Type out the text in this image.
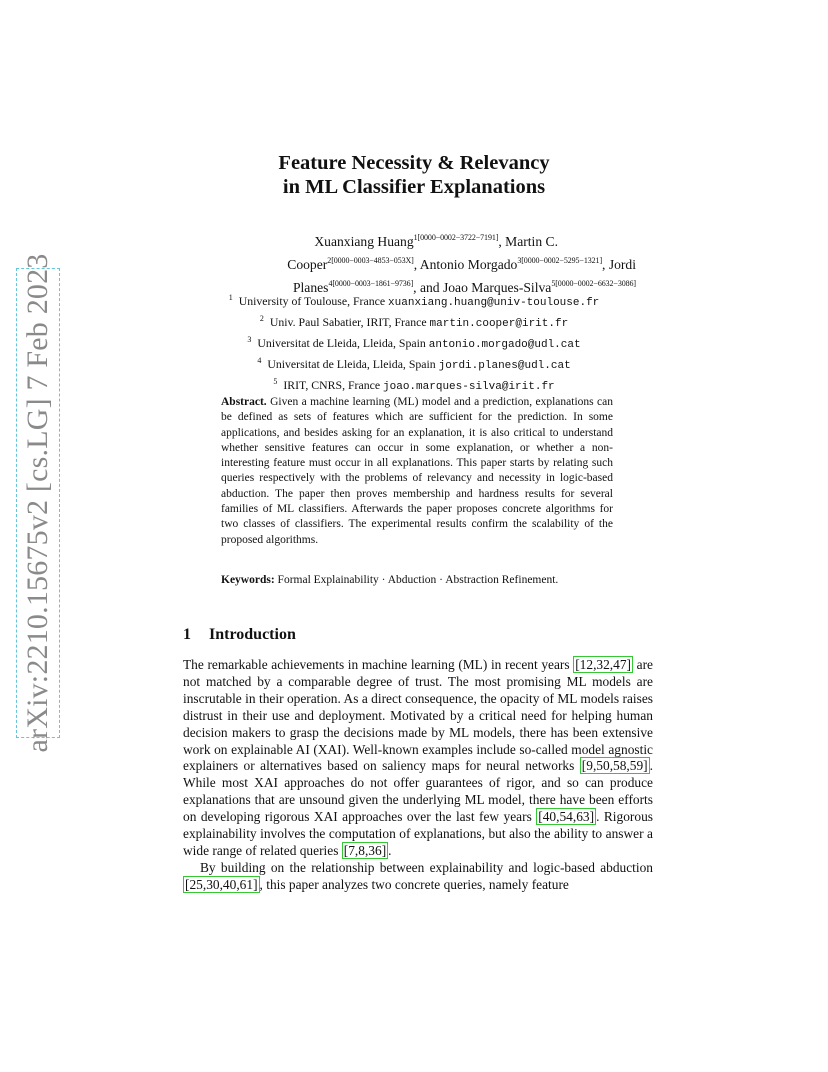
arXiv:2210.15675v2 [cs.LG] 7 Feb 2023
Feature Necessity & Relevancy
in ML Classifier Explanations
Xuanxiang Huang$^{1[0000-0002-3722-7191]}$, Martin C.
Cooper$^{2[0000-0003-4853-053X]}$, Antonio Morgado$^{3[0000-0002-5295-1321]}$, Jordi
Planes$^{4[0000-0003-1861-9736]}$, and Joao Marques-Silva$^{5[0000-0002-6632-3086]}$
$^1$ University of Toulouse, France xuanxiang.huang@univ-toulouse.fr
$^2$ Univ. Paul Sabatier, IRIT, France martin.cooper@irit.fr
$^3$ Universitat de Lleida, Lleida, Spain antonio.morgado@udl.cat
$^4$ Universitat de Lleida, Lleida, Spain jordi.planes@udl.cat
$^5$ IRIT, CNRS, France joao.marques-silva@irit.fr
Abstract. Given a machine learning (ML) model and a prediction, explanations can be defined as sets of features which are sufficient for the prediction. In some applications, and besides asking for an explanation, it is also critical to understand whether sensitive features can occur in some explanation, or whether a non-interesting feature must occur in all explanations. This paper starts by relating such queries respectively with the problems of relevancy and necessity in logic-based abduction. The paper then proves membership and hardness results for several families of ML classifiers. Afterwards the paper proposes concrete algorithms for two classes of classifiers. The experimental results confirm the scalability of the proposed algorithms.
Keywords: Formal Explainability · Abduction · Abstraction Refinement.
1 Introduction

The remarkable achievements in machine learning (ML) in recent years [12,32,47] are not matched by a comparable degree of trust. The most promising ML models are inscrutable in their operation. As a direct consequence, the opacity of ML models raises distrust in their use and deployment. Motivated by a critical need for helping human decision makers to grasp the decisions made by ML models, there has been extensive work on explainable AI (XAI). Well-known examples include so-called model agnostic explainers or alternatives based on saliency maps for neural networks [9,50,58,59] . While most XAI approaches do not offer guarantees of rigor, and so can produce explanations that are unsound given the underlying ML model, there have been efforts on developing rigorous XAI approaches over the last few years [40,54,63] . Rigorous explainability involves the computation of explanations, but also the ability to answer a wide range of related queries [7,8,36] .

By building on the relationship between explainability and logic-based abduction [25,30,40,61] , this paper analyzes two concrete queries, namely feature
